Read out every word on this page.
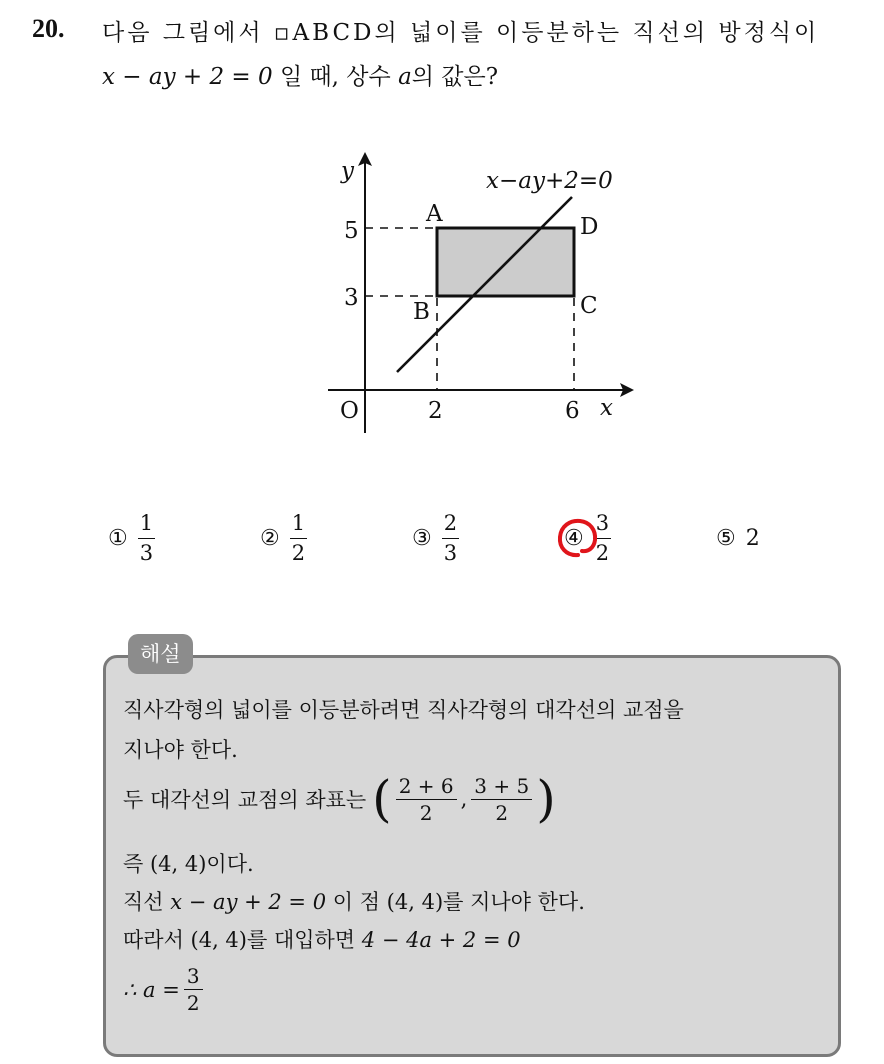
20. 다음 그림에서 ▫ABCD의 넓이를 이등분하는 직선의 방정식이
x − ay + 2 = 0 일 때, 상수 a의 값은?
x−ay+2=0
y
x
O	2	6
5
3
A
B	C
D
① $\frac{1}{3}$	② $\frac{1}{2}$	③ $\frac{2}{3}$	④ $\frac{3}{2}$	⑤ 2
해설
직사각형의 넓이를 이등분하려면 직사각형의 대각선의 교점을
지나야 한다.
두 대각선의 교점의 좌표는 ( $\frac{2 + 6}{2}$ , $\frac{3 + 5}{2}$ )
즉 (4, 4)이다.
직선 x − ay + 2 = 0 이 점 (4, 4)를 지나야 한다.
따라서 (4, 4)를 대입하면 4 − 4a + 2 = 0
∴ $a = \frac{3}{2}$
